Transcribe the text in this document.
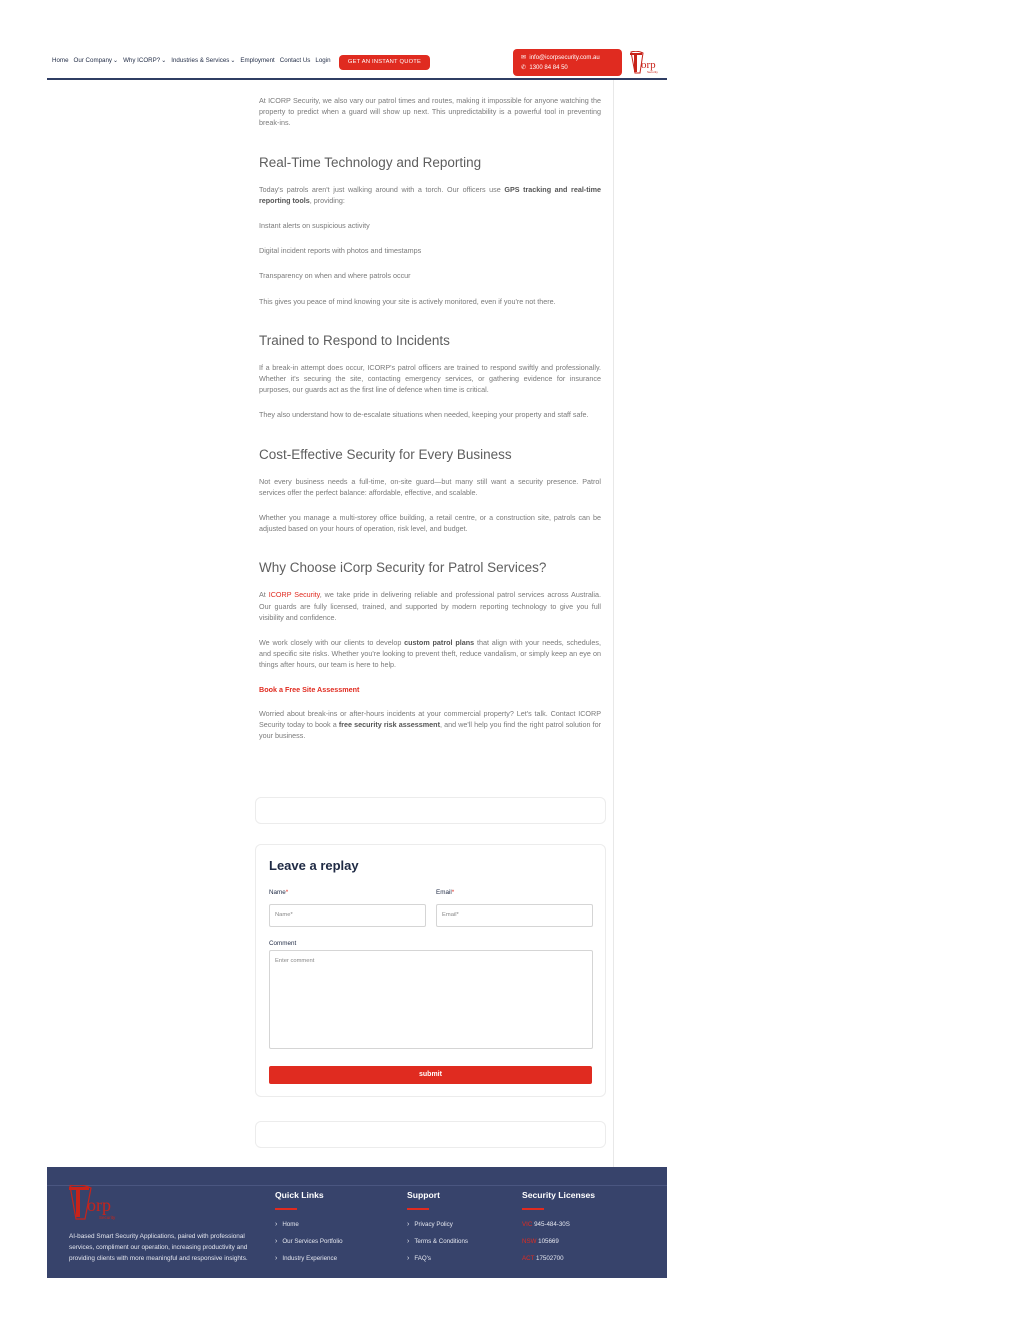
Home Our Company⌄ Why ICORP?⌄ Industries & Services⌄ Employment Contact Us Login	GET AN INSTANT QUOTE
✉ info@icorpsecurity.com.au
✆ 1300 84 84 50	orp
Security

At ICORP Security, we also vary our patrol times and routes, making it impossible for anyone watching the property to predict when a guard will show up next. This unpredictability is a powerful tool in preventing break-ins.

Real-Time Technology and Reporting

Today's patrols aren't just walking around with a torch. Our officers use GPS tracking and real-time reporting tools, providing:

Instant alerts on suspicious activity

Digital incident reports with photos and timestamps

Transparency on when and where patrols occur

This gives you peace of mind knowing your site is actively monitored, even if you're not there.

Trained to Respond to Incidents

If a break-in attempt does occur, ICORP's patrol officers are trained to respond swiftly and professionally. Whether it's securing the site, contacting emergency services, or gathering evidence for insurance purposes, our guards act as the first line of defence when time is critical.

They also understand how to de-escalate situations when needed, keeping your property and staff safe.

Cost-Effective Security for Every Business

Not every business needs a full-time, on-site guard—but many still want a security presence. Patrol services offer the perfect balance: affordable, effective, and scalable.

Whether you manage a multi-storey office building, a retail centre, or a construction site, patrols can be adjusted based on your hours of operation, risk level, and budget.

Why Choose iCorp Security for Patrol Services?

At ICORP Security, we take pride in delivering reliable and professional patrol services across Australia. Our guards are fully licensed, trained, and supported by modern reporting technology to give you full visibility and confidence.

We work closely with our clients to develop custom patrol plans that align with your needs, schedules, and specific site risks. Whether you're looking to prevent theft, reduce vandalism, or simply keep an eye on things after hours, our team is here to help.

Book a Free Site Assessment

Worried about break-ins or after-hours incidents at your commercial property? Let's talk. Contact ICORP Security today to book a free security risk assessment, and we'll help you find the right patrol solution for your business.

Leave a replay
Name*	Email*
Name*	Email*
Comment
Enter comment
submit
orp
Security
AI-based Smart Security Applications, paired with professional services, compliment our operation, increasing productivity and providing clients with more meaningful and responsive insights.
Quick Links
› Home
› Our Services Portfolio
› Industry Experience
Support
› Privacy Policy
› Terms & Conditions
› FAQ's
Security Licenses
VIC 945-484-30S
NSW 105669
ACT 17502700
